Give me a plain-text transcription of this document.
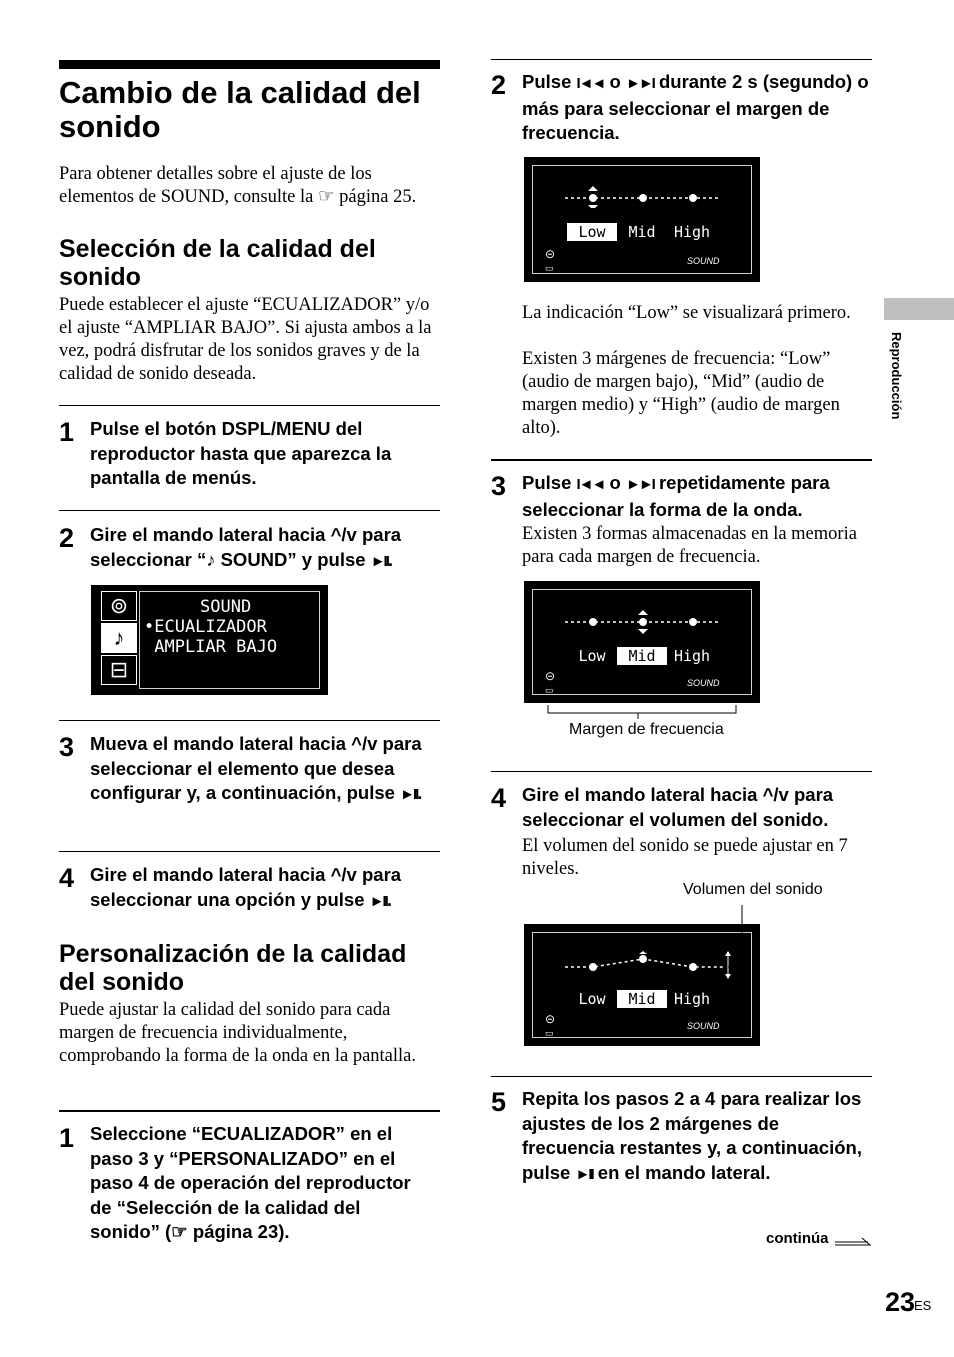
Cambio de la calidad del sonido

Para obtener detalles sobre el ajuste de los elementos de SOUND, consulte la ☞ página 25.

Selección de la calidad del sonido

Puede establecer el ajuste “ECUALIZADOR” y/o el ajuste “AMPLIAR BAJO”. Si ajusta ambos a la vez, podrá disfrutar de los sonidos graves y de la calidad de sonido deseada.

1 Pulse el botón DSPL/MENU del reproductor hasta que aparezca la pantalla de menús.
2 Gire el mando lateral hacia ^/v para seleccionar “♪ SOUND” y pulse ►II.
⊚
♪
⊟
SOUND
•ECUALIZADOR
AMPLIAR BAJO
3 Mueva el mando lateral hacia ^/v para seleccionar el elemento que desea configurar y, a continuación, pulse ►II.
4 Gire el mando lateral hacia ^/v para seleccionar una opción y pulse ►II.
Personalización de la calidad del sonido

Puede ajustar la calidad del sonido para cada margen de frecuencia individualmente, comprobando la forma de la onda en la pantalla.

1 Seleccione “ECUALIZADOR” en el paso 3 y “PERSONALIZADO” en el paso 4 de operación del reproductor de “Selección de la calidad del sonido” (☞ página 23).
2 Pulse I◄◄ o ►►I durante 2 s (segundo) o más para seleccionar el margen de frecuencia.
Low	Mid	High
⊝
▭
SOUND

La indicación “Low” se visualizará primero.

Existen 3 márgenes de frecuencia: “Low” (audio de margen bajo), “Mid” (audio de margen medio) y “High” (audio de margen alto).

3 Pulse I◄◄ o ►►I repetidamente para seleccionar la forma de la onda.

Existen 3 formas almacenadas en la memoria para cada margen de frecuencia.

Low	Mid	High
⊝
▭
SOUND
Margen de frecuencia
4 Gire el mando lateral hacia ^/v para seleccionar el volumen del sonido.

El volumen del sonido se puede ajustar en 7 niveles.

Volumen del sonido
Low	Mid	High
⊝
▭
SOUND
5 Repita los pasos 2 a 4 para realizar los ajustes de los 2 márgenes de frecuencia restantes y, a continuación, pulse ►II en el mando lateral.
continúa
23
ES
Reproducción
